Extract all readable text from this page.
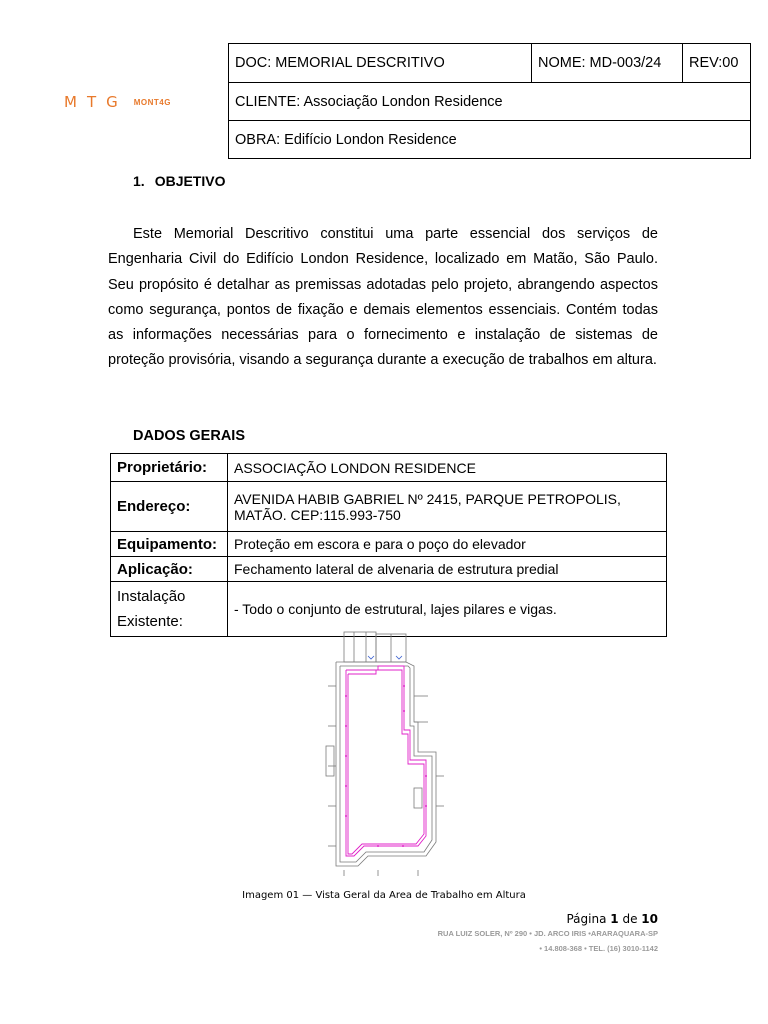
MTG MONT4G
DOC: MEMORIAL DESCRITIVO	NOME: MD-003/24	REV:00
CLIENTE: Associação London Residence
OBRA: Edifício London Residence
1. OBJETIVO
Este Memorial Descritivo constitui uma parte essencial dos serviços de Engenharia Civil do Edifício London Residence, localizado em Matão, São Paulo. Seu propósito é detalhar as premissas adotadas pelo projeto, abrangendo aspectos como segurança, pontos de fixação e demais elementos essenciais. Contém todas as informações necessárias para o fornecimento e instalação de sistemas de proteção provisória, visando a segurança durante a execução de trabalhos em altura.
DADOS GERAIS
Proprietário:	ASSOCIAÇÃO LONDON RESIDENCE
Endereço:	AVENIDA HABIB GABRIEL Nº 2415, PARQUE PETROPOLIS, MATÃO. CEP:115.993-750
Equipamento:	Proteção em escora e para o poço do elevador
Aplicação:	Fechamento lateral de alvenaria de estrutura predial
Instalação Existente:	- Todo o conjunto de estrutural, lajes pilares e vigas.
Imagem 01 — Vista Geral da Area de Trabalho em Altura
Página 1 de 10
RUA LUIZ SOLER, Nº 290 • JD. ARCO IRIS •ARARAQUARA-SP
• 14.808-368 • TEL. (16) 3010-1142
